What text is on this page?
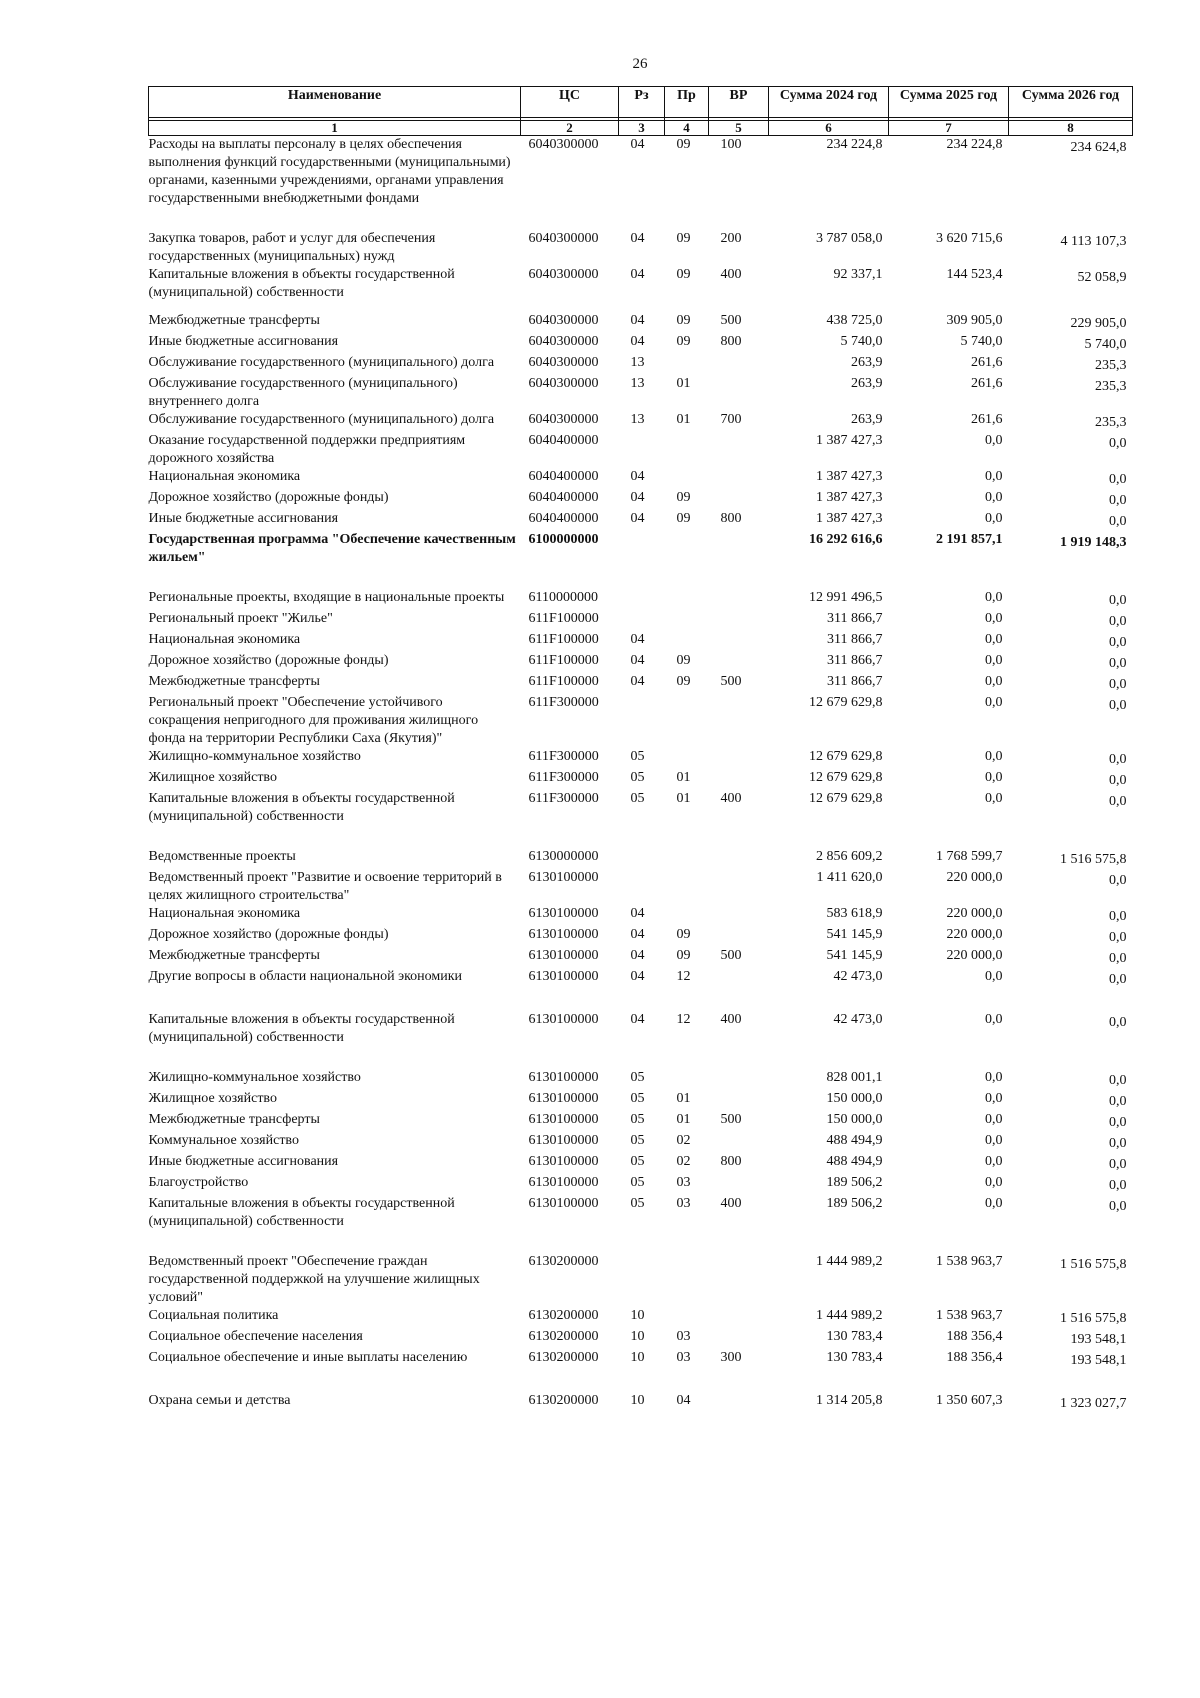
26
Наименование	ЦС	Рз	Пр	ВР	Сумма 2024 год	Сумма 2025 год	Сумма 2026 год

1	2	3	4	5	6	7	8
Расходы на выплаты персоналу в целях обеспечения выполнения функций государственными (муниципальными) органами, казенными учреждениями, органами управления государственными внебюджетными фондами	6040300000	04	09	100	234 224,8	234 224,8	234 624,8
Закупка товаров, работ и услуг для обеспечения государственных (муниципальных) нужд	6040300000	04	09	200	3 787 058,0	3 620 715,6	4 113 107,3
Капитальные вложения в объекты государственной (муниципальной) собственности	6040300000	04	09	400	92 337,1	144 523,4	52 058,9
Межбюджетные трансферты	6040300000	04	09	500	438 725,0	309 905,0	229 905,0
Иные бюджетные ассигнования	6040300000	04	09	800	5 740,0	5 740,0	5 740,0
Обслуживание государственного (муниципального) долга	6040300000	13			263,9	261,6	235,3
Обслуживание государственного (муниципального) внутреннего долга	6040300000	13	01		263,9	261,6	235,3
Обслуживание государственного (муниципального) долга	6040300000	13	01	700	263,9	261,6	235,3
Оказание государственной поддержки предприятиям дорожного хозяйства	6040400000				1 387 427,3	0,0	0,0
Национальная экономика	6040400000	04			1 387 427,3	0,0	0,0
Дорожное хозяйство (дорожные фонды)	6040400000	04	09		1 387 427,3	0,0	0,0
Иные бюджетные ассигнования	6040400000	04	09	800	1 387 427,3	0,0	0,0
Государственная программа "Обеспечение качественным жильем"	6100000000				16 292 616,6	2 191 857,1	1 919 148,3
Региональные проекты, входящие в национальные проекты	6110000000				12 991 496,5	0,0	0,0
Региональный проект "Жилье"	611F100000				311 866,7	0,0	0,0
Национальная экономика	611F100000	04			311 866,7	0,0	0,0
Дорожное хозяйство (дорожные фонды)	611F100000	04	09		311 866,7	0,0	0,0
Межбюджетные трансферты	611F100000	04	09	500	311 866,7	0,0	0,0
Региональный проект "Обеспечение устойчивого сокращения непригодного для проживания жилищного фонда на территории Республики Саха (Якутия)"	611F300000				12 679 629,8	0,0	0,0
Жилищно-коммунальное хозяйство	611F300000	05			12 679 629,8	0,0	0,0
Жилищное хозяйство	611F300000	05	01		12 679 629,8	0,0	0,0
Капитальные вложения в объекты государственной (муниципальной) собственности	611F300000	05	01	400	12 679 629,8	0,0	0,0
Ведомственные проекты	6130000000				2 856 609,2	1 768 599,7	1 516 575,8
Ведомственный проект "Развитие и освоение территорий в целях жилищного строительства"	6130100000				1 411 620,0	220 000,0	0,0
Национальная экономика	6130100000	04			583 618,9	220 000,0	0,0
Дорожное хозяйство (дорожные фонды)	6130100000	04	09		541 145,9	220 000,0	0,0
Межбюджетные трансферты	6130100000	04	09	500	541 145,9	220 000,0	0,0
Другие вопросы в области национальной экономики	6130100000	04	12		42 473,0	0,0	0,0
Капитальные вложения в объекты государственной (муниципальной) собственности	6130100000	04	12	400	42 473,0	0,0	0,0
Жилищно-коммунальное хозяйство	6130100000	05			828 001,1	0,0	0,0
Жилищное хозяйство	6130100000	05	01		150 000,0	0,0	0,0
Межбюджетные трансферты	6130100000	05	01	500	150 000,0	0,0	0,0
Коммунальное хозяйство	6130100000	05	02		488 494,9	0,0	0,0
Иные бюджетные ассигнования	6130100000	05	02	800	488 494,9	0,0	0,0
Благоустройство	6130100000	05	03		189 506,2	0,0	0,0
Капитальные вложения в объекты государственной (муниципальной) собственности	6130100000	05	03	400	189 506,2	0,0	0,0
Ведомственный проект "Обеспечение граждан государственной поддержкой на улучшение жилищных условий"	6130200000				1 444 989,2	1 538 963,7	1 516 575,8
Социальная политика	6130200000	10			1 444 989,2	1 538 963,7	1 516 575,8
Социальное обеспечение населения	6130200000	10	03		130 783,4	188 356,4	193 548,1
Социальное обеспечение и иные выплаты населению	6130200000	10	03	300	130 783,4	188 356,4	193 548,1
Охрана семьи и детства	6130200000	10	04		1 314 205,8	1 350 607,3	1 323 027,7
